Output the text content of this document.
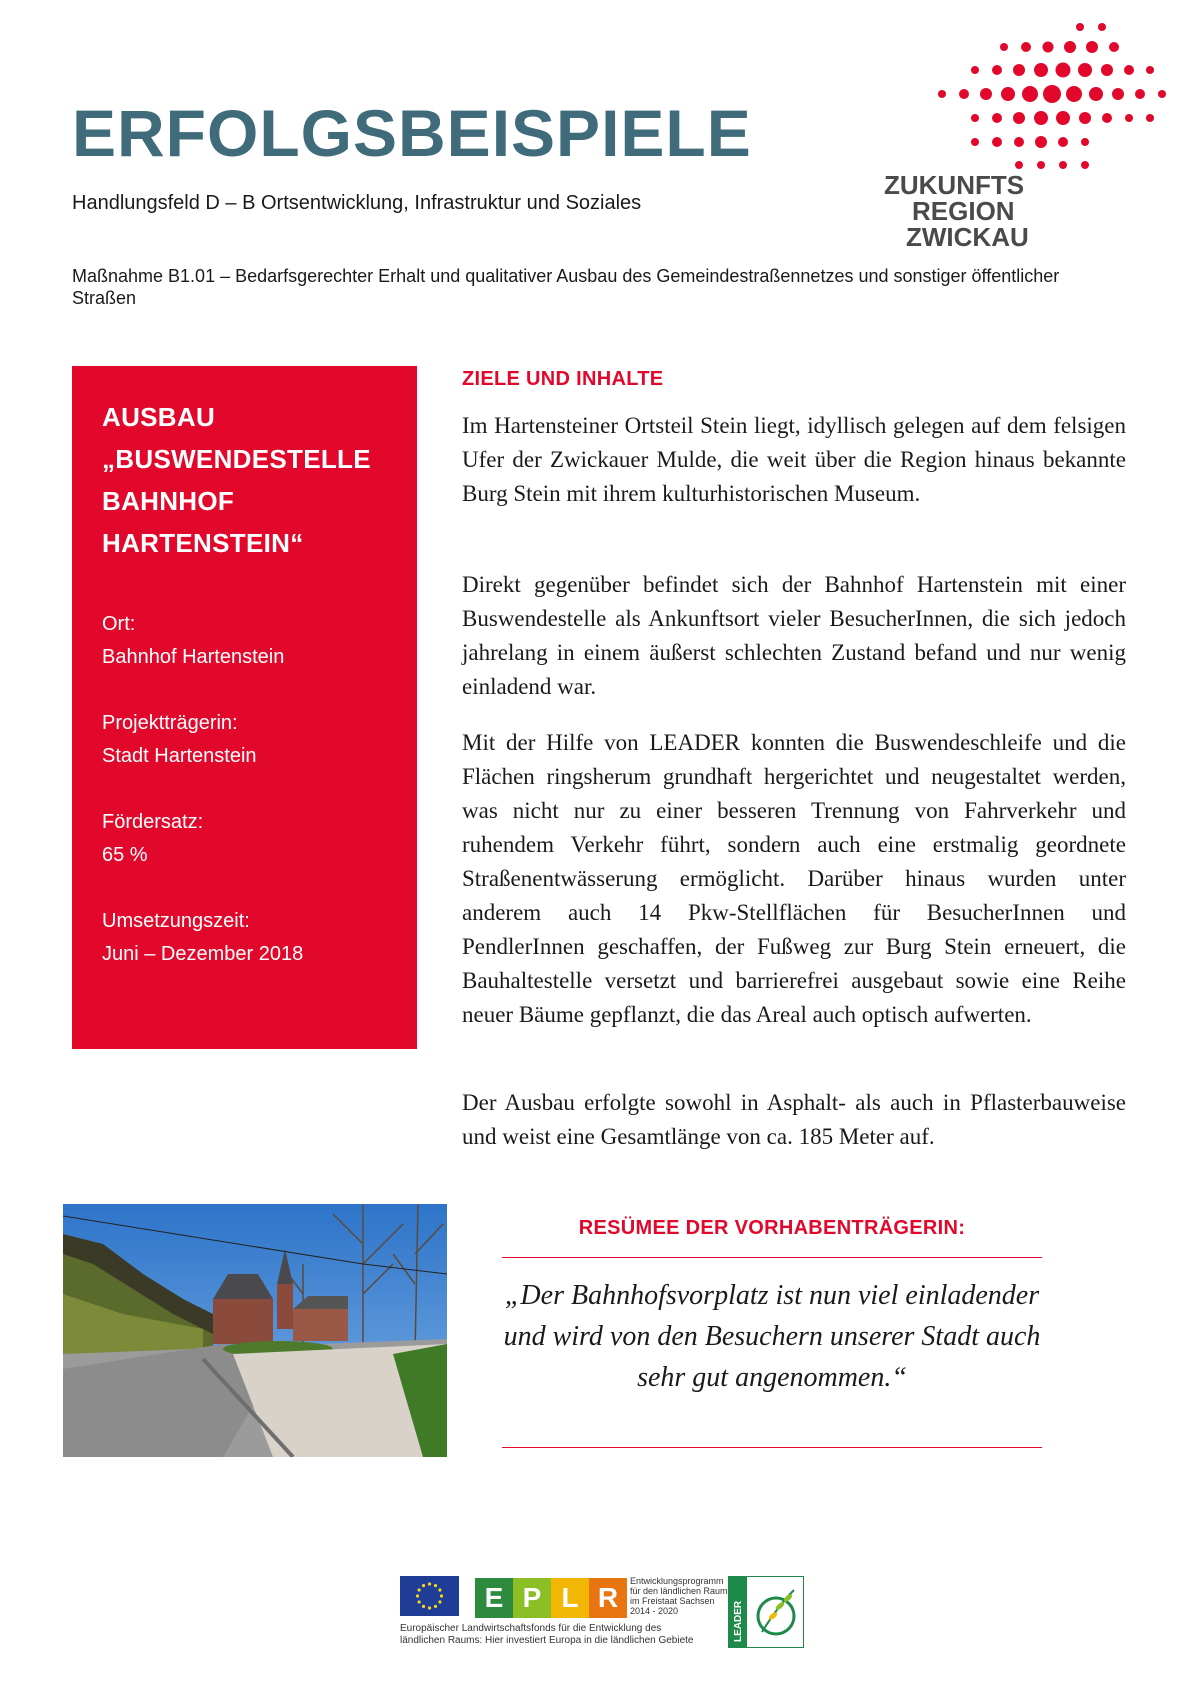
ERFOLGSBEISPIELE
Handlungsfeld D – B Ortsentwicklung, Infrastruktur und Soziales
Maßnahme B1.01 – Bedarfsgerechter Erhalt und qualitativer Ausbau des Gemeindestraßennetzes und sonstiger öffentlicher Straßen
ZUKUNFTS
REGION
ZWICKAU
AUSBAU „BUSWENDESTELLE BAHNHOF HARTENSTEIN“
Ort:
Bahnhof Hartenstein
Projektträgerin:
Stadt Hartenstein
Fördersatz:
65 %
Umsetzungszeit:
Juni – Dezember 2018
ZIELE UND INHALTE
Im Hartensteiner Ortsteil Stein liegt, idyllisch gelegen auf dem felsigen Ufer der Zwickauer Mulde, die weit über die Region hinaus bekannte Burg Stein mit ihrem kulturhistorischen Museum.
Direkt gegenüber befindet sich der Bahnhof Hartenstein mit einer Buswendestelle als Ankunftsort vieler BesucherInnen, die sich jedoch jahrelang in einem äußerst schlechten Zustand befand und nur wenig einladend war.
Mit der Hilfe von LEADER konnten die Buswendeschleife und die Flächen ringsherum grundhaft hergerichtet und neugestaltet werden, was nicht nur zu einer besseren Trennung von Fahrverkehr und ruhendem Verkehr führt, sondern auch eine erstmalig geordnete Straßenentwässerung ermöglicht. Darüber hinaus wurden unter anderem auch 14 Pkw-Stellflächen für BesucherInnen und PendlerInnen geschaffen, der Fußweg zur Burg Stein erneuert, die Bauhaltestelle versetzt und barrierefrei ausgebaut sowie eine Reihe neuer Bäume gepflanzt, die das Areal auch optisch aufwerten.
Der Ausbau erfolgte sowohl in Asphalt- als auch in Pflasterbauweise und weist eine Gesamtlänge von ca. 185 Meter auf.
RESÜMEE DER VORHABENTRÄGERIN:
„Der Bahnhofsvorplatz ist nun viel einladender und wird von den Besuchern unserer Stadt auch sehr gut angenommen.“
E P L R
Entwicklungsprogramm
für den ländlichen Raum
im Freistaat Sachsen
2014 - 2020
Europäischer Landwirtschaftsfonds für die Entwicklung des
ländlichen Raums: Hier investiert Europa in die ländlichen Gebiete	LEADER
